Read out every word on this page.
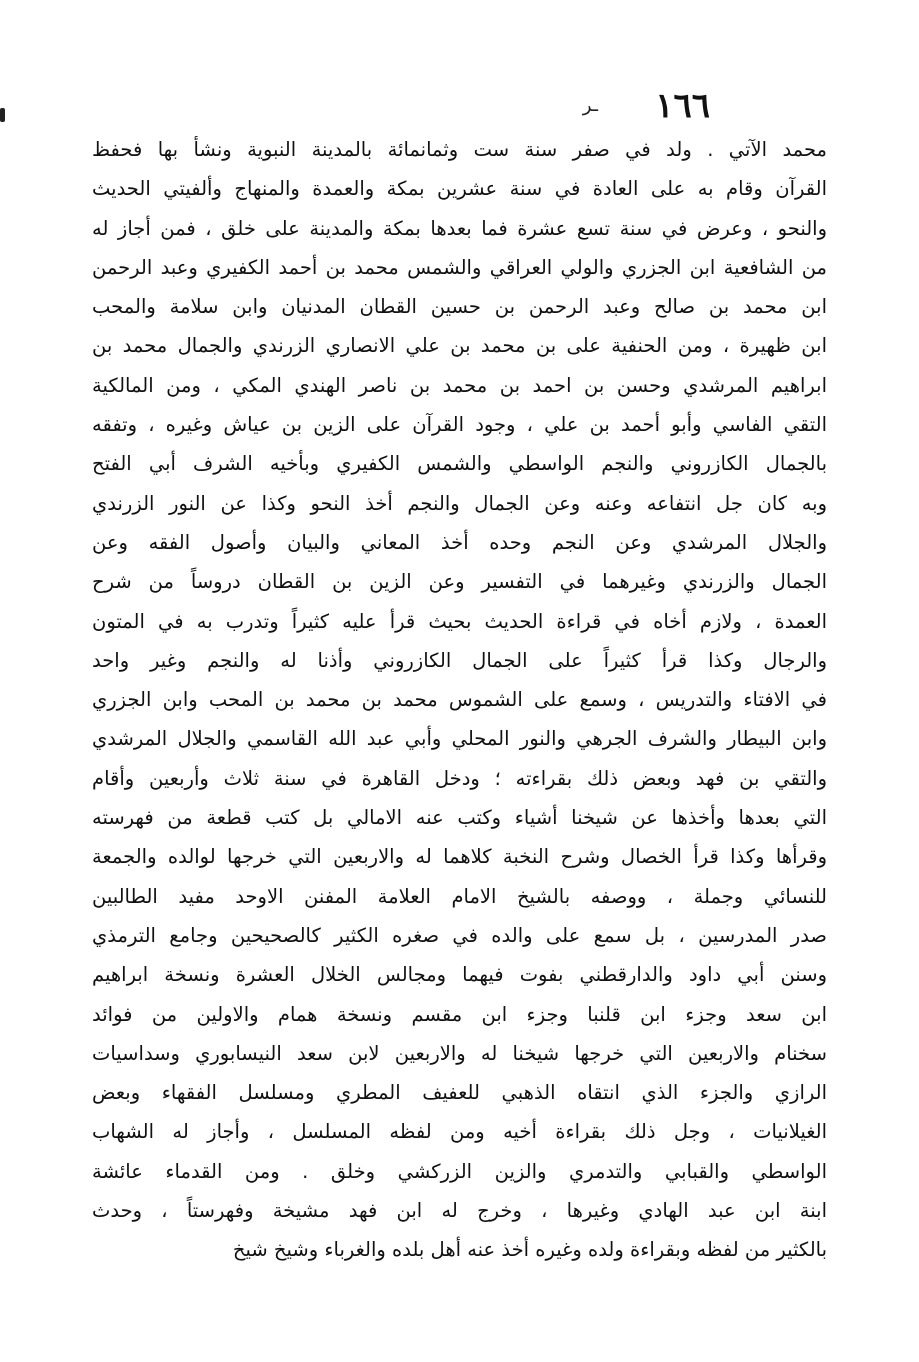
١٦٦
ـر
محمد الآتي . ولد في صفر سنة ست وثمانمائة بالمدينة النبوية ونشأ بها فحفظ
القرآن وقام به على العادة في سنة عشرين بمكة والعمدة والمنهاج وألفيتي الحديث
والنحو ، وعرض في سنة تسع عشرة فما بعدها بمكة والمدينة على خلق ، فمن أجاز له
من الشافعية ابن الجزري والولي العراقي والشمس محمد بن أحمد الكفيري وعبد الرحمن
ابن محمد بن صالح وعبد الرحمن بن حسين القطان المدنيان وابن سلامة والمحب
ابن ظهيرة ، ومن الحنفية على بن محمد بن علي الانصاري الزرندي والجمال محمد بن
ابراهيم المرشدي وحسن بن احمد بن محمد بن ناصر الهندي المكي ، ومن المالكية
التقي الفاسي وأبو أحمد بن علي ، وجود القرآن على الزين بن عياش وغيره ، وتفقه
بالجمال الكازروني والنجم الواسطي والشمس الكفيري وبأخيه الشرف أبي الفتح
وبه كان جل انتفاعه وعنه وعن الجمال والنجم أخذ النحو وكذا عن النور الزرندي
والجلال المرشدي وعن النجم وحده أخذ المعاني والبيان وأصول الفقه وعن
الجمال والزرندي وغيرهما في التفسير وعن الزين بن القطان دروساً من شرح
العمدة ، ولازم أخاه في قراءة الحديث بحيث قرأ عليه كثيراً وتدرب به في المتون
والرجال وكذا قرأ كثيراً على الجمال الكازروني وأذنا له والنجم وغير واحد
في الافتاء والتدريس ، وسمع على الشموس محمد بن محمد بن المحب وابن الجزري
وابن البيطار والشرف الجرهي والنور المحلي وأبي عبد الله القاسمي والجلال المرشدي
والتقي بن فهد وبعض ذلك بقراءته ؛ ودخل القاهرة في سنة ثلاث وأربعين وأقام
التي بعدها وأخذها عن شيخنا أشياء وكتب عنه الامالي بل كتب قطعة من فهرسته
وقرأها وكذا قرأ الخصال وشرح النخبة كلاهما له والاربعين التي خرجها لوالده والجمعة
للنسائي وجملة ، ووصفه بالشيخ الامام العلامة المفنن الاوحد مفيد الطالبين
صدر المدرسين ، بل سمع على والده في صغره الكثير كالصحيحين وجامع الترمذي
وسنن أبي داود والدارقطني بفوت فيهما ومجالس الخلال العشرة ونسخة ابراهيم
ابن سعد وجزء ابن قلنبا وجزء ابن مقسم ونسخة همام والاولين من فوائد
سخنام والاربعين التي خرجها شيخنا له والاربعين لابن سعد النيسابوري وسداسيات
الرازي والجزء الذي انتقاه الذهبي للعفيف المطري ومسلسل الفقهاء وبعض
الغيلانيات ، وجل ذلك بقراءة أخيه ومن لفظه المسلسل ، وأجاز له الشهاب
الواسطي والقبابي والتدمري والزين الزركشي وخلق . ومن القدماء عائشة
ابنة ابن عبد الهادي وغيرها ، وخرج له ابن فهد مشيخة وفهرستاً ، وحدث
بالكثير من لفظه وبقراءة ولده وغيره أخذ عنه أهل بلده والغرباء وشيخ شيخ
